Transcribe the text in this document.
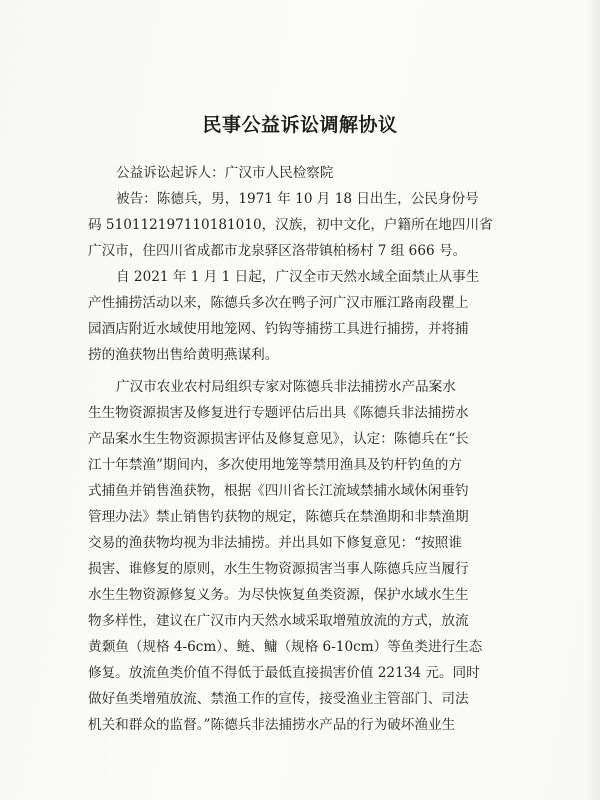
民事公益诉讼调解协议
公益诉讼起诉人：广汉市人民检察院
被告：陈德兵，男，1971 年 10 月 18 日出生，公民身份号
码 510112197110181010，汉族，初中文化，户籍所在地四川省
广汉市，住四川省成都市龙泉驿区洛带镇柏杨村 7 组 666 号。
自 2021 年 1 月 1 日起，广汉全市天然水域全面禁止从事生
产性捕捞活动以来，陈德兵多次在鸭子河广汉市雁江路南段瞿上
园酒店附近水域使用地笼网、钓钩等捕捞工具进行捕捞，并将捕
捞的渔获物出售给黄明燕谋利。
广汉市农业农村局组织专家对陈德兵非法捕捞水产品案水
生生物资源损害及修复进行专题评估后出具《陈德兵非法捕捞水
产品案水生生物资源损害评估及修复意见》，认定：陈德兵在“长
江十年禁渔”期间内，多次使用地笼等禁用渔具及钓杆钓鱼的方
式捕鱼并销售渔获物，根据《四川省长江流域禁捕水域休闲垂钓
管理办法》禁止销售钓获物的规定，陈德兵在禁渔期和非禁渔期
交易的渔获物均视为非法捕捞。并出具如下修复意见：“按照谁
损害、谁修复的原则，水生生物资源损害当事人陈德兵应当履行
水生生物资源修复义务。为尽快恢复鱼类资源，保护水域水生生
物多样性，建议在广汉市内天然水域采取增殖放流的方式，放流
黄颡鱼（规格 4-6cm）、鲢、鳙（规格 6-10cm）等鱼类进行生态
修复。放流鱼类价值不得低于最低直接损害价值 22134 元。同时
做好鱼类增殖放流、禁渔工作的宣传，接受渔业主管部门、司法
机关和群众的监督。”陈德兵非法捕捞水产品的行为破坏渔业生
